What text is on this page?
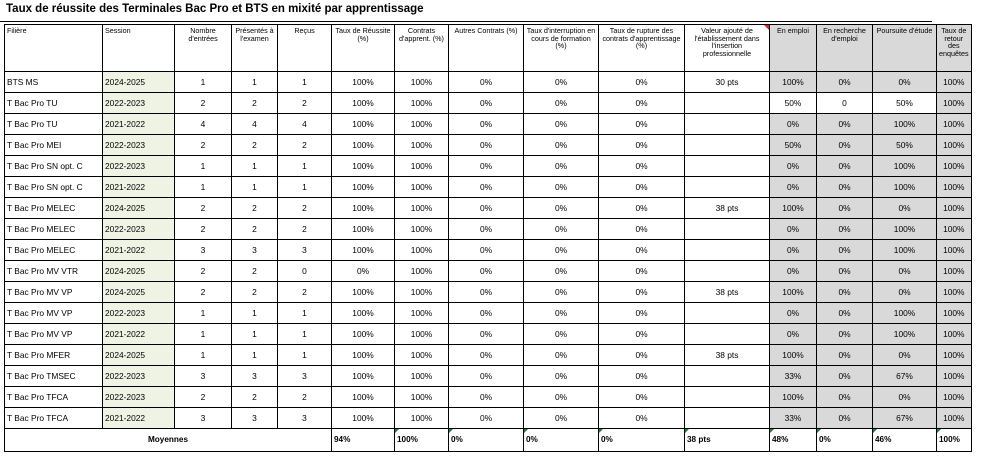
Taux de réussite des Terminales Bac Pro et BTS en mixité par apprentissage
Filière	Session	Nombre d'entrées	Présentés à l'examen	Reçus	Taux de Réussite (%)	Contrats d'apprent. (%)	Autres Contrats (%)	Taux d'interruption en cours de formation (%)	Taux de rupture des contrats d'apprentissage (%)	Valeur ajouté de l'établissement dans l'insertion professionnelle	En emploi	En recherche d'emploi	Poursuite d'étude	Taux de retour des enquêtes
BTS MS	2024-2025	1	1	1	100%	100%	0%	0%	0%	30 pts	100%	0%	0%	100%
T Bac Pro TU	2022-2023	2	2	2	100%	100%	0%	0%	0%		50%	0	50%	100%
T Bac Pro TU	2021-2022	4	4	4	100%	100%	0%	0%	0%		0%	0%	100%	100%
T Bac Pro MEI	2022-2023	2	2	2	100%	100%	0%	0%	0%		50%	0%	50%	100%
T Bac Pro SN opt. C	2022-2023	1	1	1	100%	100%	0%	0%	0%		0%	0%	100%	100%
T Bac Pro SN opt. C	2021-2022	1	1	1	100%	100%	0%	0%	0%		0%	0%	100%	100%
T Bac Pro MELEC	2024-2025	2	2	2	100%	100%	0%	0%	0%	38 pts	100%	0%	0%	100%
T Bac Pro MELEC	2022-2023	2	2	2	100%	100%	0%	0%	0%		0%	0%	100%	100%
T Bac Pro MELEC	2021-2022	3	3	3	100%	100%	0%	0%	0%		0%	0%	100%	100%
T Bac Pro MV VTR	2024-2025	2	2	0	0%	100%	0%	0%	0%		0%	0%	0%	100%
T Bac Pro MV VP	2024-2025	2	2	2	100%	100%	0%	0%	0%	38 pts	100%	0%	0%	100%
T Bac Pro MV VP	2022-2023	1	1	1	100%	100%	0%	0%	0%		0%	0%	100%	100%
T Bac Pro MV VP	2021-2022	1	1	1	100%	100%	0%	0%	0%		0%	0%	100%	100%
T Bac Pro MFER	2024-2025	1	1	1	100%	100%	0%	0%	0%	38 pts	100%	0%	0%	100%
T Bac Pro TMSEC	2022-2023	3	3	3	100%	100%	0%	0%	0%		33%	0%	67%	100%
T Bac Pro TFCA	2022-2023	2	2	2	100%	100%	0%	0%	0%		100%	0%	0%	100%
T Bac Pro TFCA	2021-2022	3	3	3	100%	100%	0%	0%	0%		33%	0%	67%	100%
Moyennes					94%	100%	0%	0%	0%	38 pts	48%	0%	46%	100%
